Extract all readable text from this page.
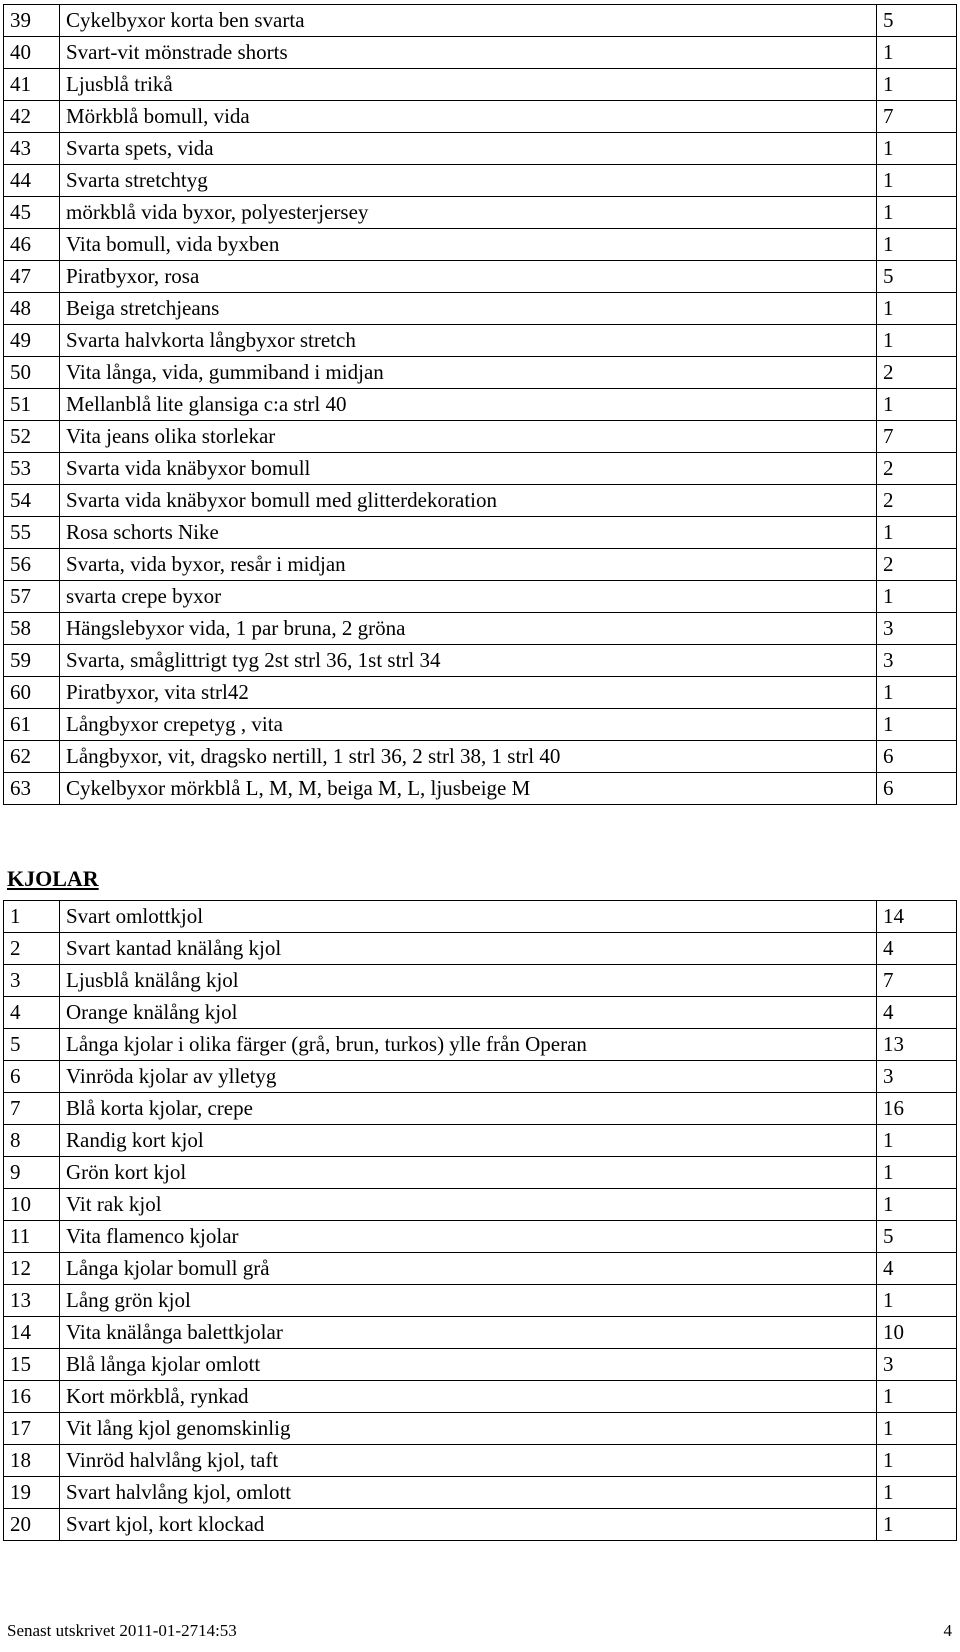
39	Cykelbyxor korta ben svarta	5
40	Svart-vit mönstrade shorts	1
41	Ljusblå trikå	1
42	Mörkblå bomull, vida	7
43	Svarta spets, vida	1
44	Svarta stretchtyg	1
45	mörkblå vida byxor, polyesterjersey	1
46	Vita bomull, vida byxben	1
47	Piratbyxor, rosa	5
48	Beiga stretchjeans	1
49	Svarta halvkorta långbyxor stretch	1
50	Vita långa, vida, gummiband i midjan	2
51	Mellanblå lite glansiga c:a strl 40	1
52	Vita jeans olika storlekar	7
53	Svarta vida knäbyxor bomull	2
54	Svarta vida knäbyxor bomull med glitterdekoration	2
55	Rosa schorts Nike	1
56	Svarta, vida byxor, resår i midjan	2
57	svarta crepe byxor	1
58	Hängslebyxor vida, 1 par bruna, 2 gröna	3
59	Svarta, småglittrigt tyg 2st strl 36, 1st strl 34	3
60	Piratbyxor, vita strl42	1
61	Långbyxor crepetyg , vita	1
62	Långbyxor, vit, dragsko nertill, 1 strl 36, 2 strl 38, 1 strl 40	6
63	Cykelbyxor mörkblå L, M, M, beiga M, L, ljusbeige M	6
KJOLAR
1	Svart omlottkjol	14
2	Svart kantad knälång kjol	4
3	Ljusblå knälång kjol	7
4	Orange knälång kjol	4
5	Långa kjolar i olika färger (grå, brun, turkos) ylle från Operan	13
6	Vinröda kjolar av ylletyg	3
7	Blå korta kjolar, crepe	16
8	Randig kort kjol	1
9	Grön kort kjol	1
10	Vit rak kjol	1
11	Vita flamenco kjolar	5
12	Långa kjolar bomull grå	4
13	Lång grön kjol	1
14	Vita knälånga balettkjolar	10
15	Blå långa kjolar omlott	3
16	Kort mörkblå, rynkad	1
17	Vit lång kjol genomskinlig	1
18	Vinröd halvlång kjol, taft	1
19	Svart halvlång kjol, omlott	1
20	Svart kjol, kort klockad	1
Senast utskrivet 2011-01-2714:53	4
